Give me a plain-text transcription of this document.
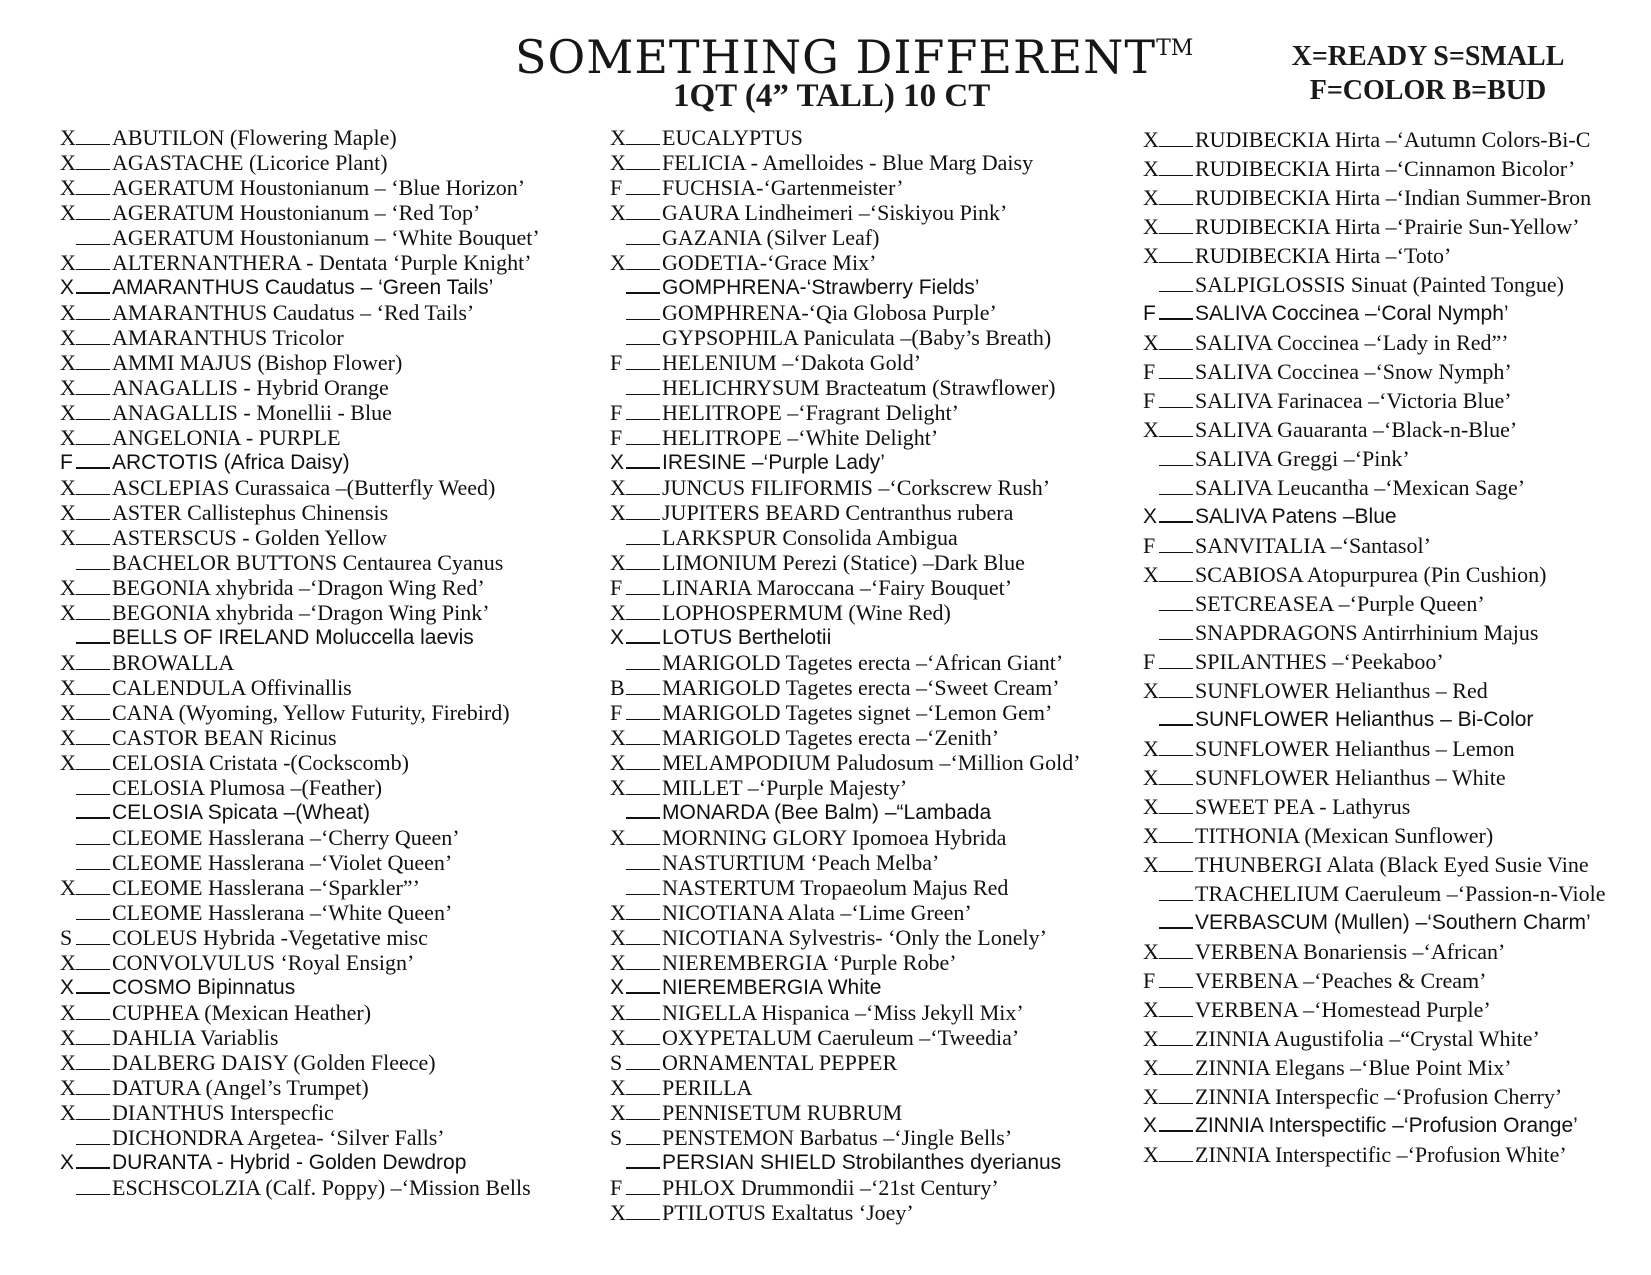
SOMETHING DIFFERENT™
1QT (4” TALL) 10 CT
X=READY S=SMALL
F=COLOR B=BUD
X ABUTILON (Flowering Maple)
X AGASTACHE (Licorice Plant)
X AGERATUM Houstonianum – ‘Blue Horizon’
X AGERATUM Houstonianum – ‘Red Top’
AGERATUM Houstonianum – ‘White Bouquet’
X ALTERNANTHERA - Dentata ‘Purple Knight’
X AMARANTHUS Caudatus – ‘Green Tails’
X AMARANTHUS Caudatus – ‘Red Tails’
X AMARANTHUS Tricolor
X AMMI MAJUS (Bishop Flower)
X ANAGALLIS - Hybrid Orange
X ANAGALLIS - Monellii - Blue
X ANGELONIA - PURPLE
F ARCTOTIS (Africa Daisy)
X ASCLEPIAS Curassaica –(Butterfly Weed)
X ASTER Callistephus Chinensis
X ASTERSCUS - Golden Yellow
BACHELOR BUTTONS Centaurea Cyanus
X BEGONIA xhybrida –‘Dragon Wing Red’
X BEGONIA xhybrida –‘Dragon Wing Pink’
BELLS OF IRELAND Moluccella laevis
X BROWALLA
X CALENDULA Offivinallis
X CANA (Wyoming, Yellow Futurity, Firebird)
X CASTOR BEAN Ricinus
X CELOSIA Cristata -(Cockscomb)
CELOSIA Plumosa –(Feather)
CELOSIA Spicata –(Wheat)
CLEOME Hasslerana –‘Cherry Queen’
CLEOME Hasslerana –‘Violet Queen’
X CLEOME Hasslerana –‘Sparkler”’
CLEOME Hasslerana –‘White Queen’
S COLEUS Hybrida -Vegetative misc
X CONVOLVULUS ‘Royal Ensign’
X COSMO Bipinnatus
X CUPHEA (Mexican Heather)
X DAHLIA Variablis
X DALBERG DAISY (Golden Fleece)
X DATURA (Angel’s Trumpet)
X DIANTHUS Interspecfic
DICHONDRA Argetea- ‘Silver Falls’
X DURANTA - Hybrid - Golden Dewdrop
ESCHSCOLZIA (Calf. Poppy) –‘Mission Bells
X EUCALYPTUS
X FELICIA - Amelloides - Blue Marg Daisy
F FUCHSIA-‘Gartenmeister’
X GAURA Lindheimeri –‘Siskiyou Pink’
GAZANIA (Silver Leaf)
X GODETIA-‘Grace Mix’
GOMPHRENA-‘Strawberry Fields’
GOMPHRENA-‘Qia Globosa Purple’
GYPSOPHILA Paniculata –(Baby’s Breath)
F HELENIUM –‘Dakota Gold’
HELICHRYSUM Bracteatum (Strawflower)
F HELITROPE –‘Fragrant Delight’
F HELITROPE –‘White Delight’
X IRESINE –‘Purple Lady’
X JUNCUS FILIFORMIS –‘Corkscrew Rush’
X JUPITERS BEARD Centranthus rubera
LARKSPUR Consolida Ambigua
X LIMONIUM Perezi (Statice) –Dark Blue
F LINARIA Maroccana –‘Fairy Bouquet’
X LOPHOSPERMUM (Wine Red)
X LOTUS Berthelotii
MARIGOLD Tagetes erecta –‘African Giant’
B MARIGOLD Tagetes erecta –‘Sweet Cream’
F MARIGOLD Tagetes signet –‘Lemon Gem’
X MARIGOLD Tagetes erecta –‘Zenith’
X MELAMPODIUM Paludosum –‘Million Gold’
X MILLET –‘Purple Majesty’
MONARDA (Bee Balm) –“Lambada
X MORNING GLORY Ipomoea Hybrida
NASTURTIUM ‘Peach Melba’
NASTERTUM Tropaeolum Majus Red
X NICOTIANA Alata –‘Lime Green’
X NICOTIANA Sylvestris- ‘Only the Lonely’
X NIEREMBERGIA ‘Purple Robe’
X NIEREMBERGIA White
X NIGELLA Hispanica –‘Miss Jekyll Mix’
X OXYPETALUM Caeruleum –‘Tweedia’
S ORNAMENTAL PEPPER
X PERILLA
X PENNISETUM RUBRUM
S PENSTEMON Barbatus –‘Jingle Bells’
PERSIAN SHIELD Strobilanthes dyerianus
F PHLOX Drummondii –‘21st Century’
X PTILOTUS Exaltatus ‘Joey’
X RUDIBECKIA Hirta –‘Autumn Colors-Bi-C
X RUDIBECKIA Hirta –‘Cinnamon Bicolor’
X RUDIBECKIA Hirta –‘Indian Summer-Bron
X RUDIBECKIA Hirta –‘Prairie Sun-Yellow’
X RUDIBECKIA Hirta –‘Toto’
SALPIGLOSSIS Sinuat (Painted Tongue)
F SALIVA Coccinea –‘Coral Nymph’
X SALIVA Coccinea –‘Lady in Red”’
F SALIVA Coccinea –‘Snow Nymph’
F SALIVA Farinacea –‘Victoria Blue’
X SALIVA Gauaranta –‘Black-n-Blue’
SALIVA Greggi –‘Pink’
SALIVA Leucantha –‘Mexican Sage’
X SALIVA Patens –Blue
F SANVITALIA –‘Santasol’
X SCABIOSA Atopurpurea (Pin Cushion)
SETCREASEA –‘Purple Queen’
SNAPDRAGONS Antirrhinium Majus
F SPILANTHES –‘Peekaboo’
X SUNFLOWER Helianthus – Red
SUNFLOWER Helianthus – Bi-Color
X SUNFLOWER Helianthus – Lemon
X SUNFLOWER Helianthus – White
X SWEET PEA - Lathyrus
X TITHONIA (Mexican Sunflower)
X THUNBERGI Alata (Black Eyed Susie Vine
TRACHELIUM Caeruleum –‘Passion-n-Viole
VERBASCUM (Mullen) –‘Southern Charm’
X VERBENA Bonariensis –‘African’
F VERBENA –‘Peaches & Cream’
X VERBENA –‘Homestead Purple’
X ZINNIA Augustifolia –“Crystal White’
X ZINNIA Elegans –‘Blue Point Mix’
X ZINNIA Interspecfic –‘Profusion Cherry’
X ZINNIA Interspectific –‘Profusion Orange’
X ZINNIA Interspectific –‘Profusion White’
